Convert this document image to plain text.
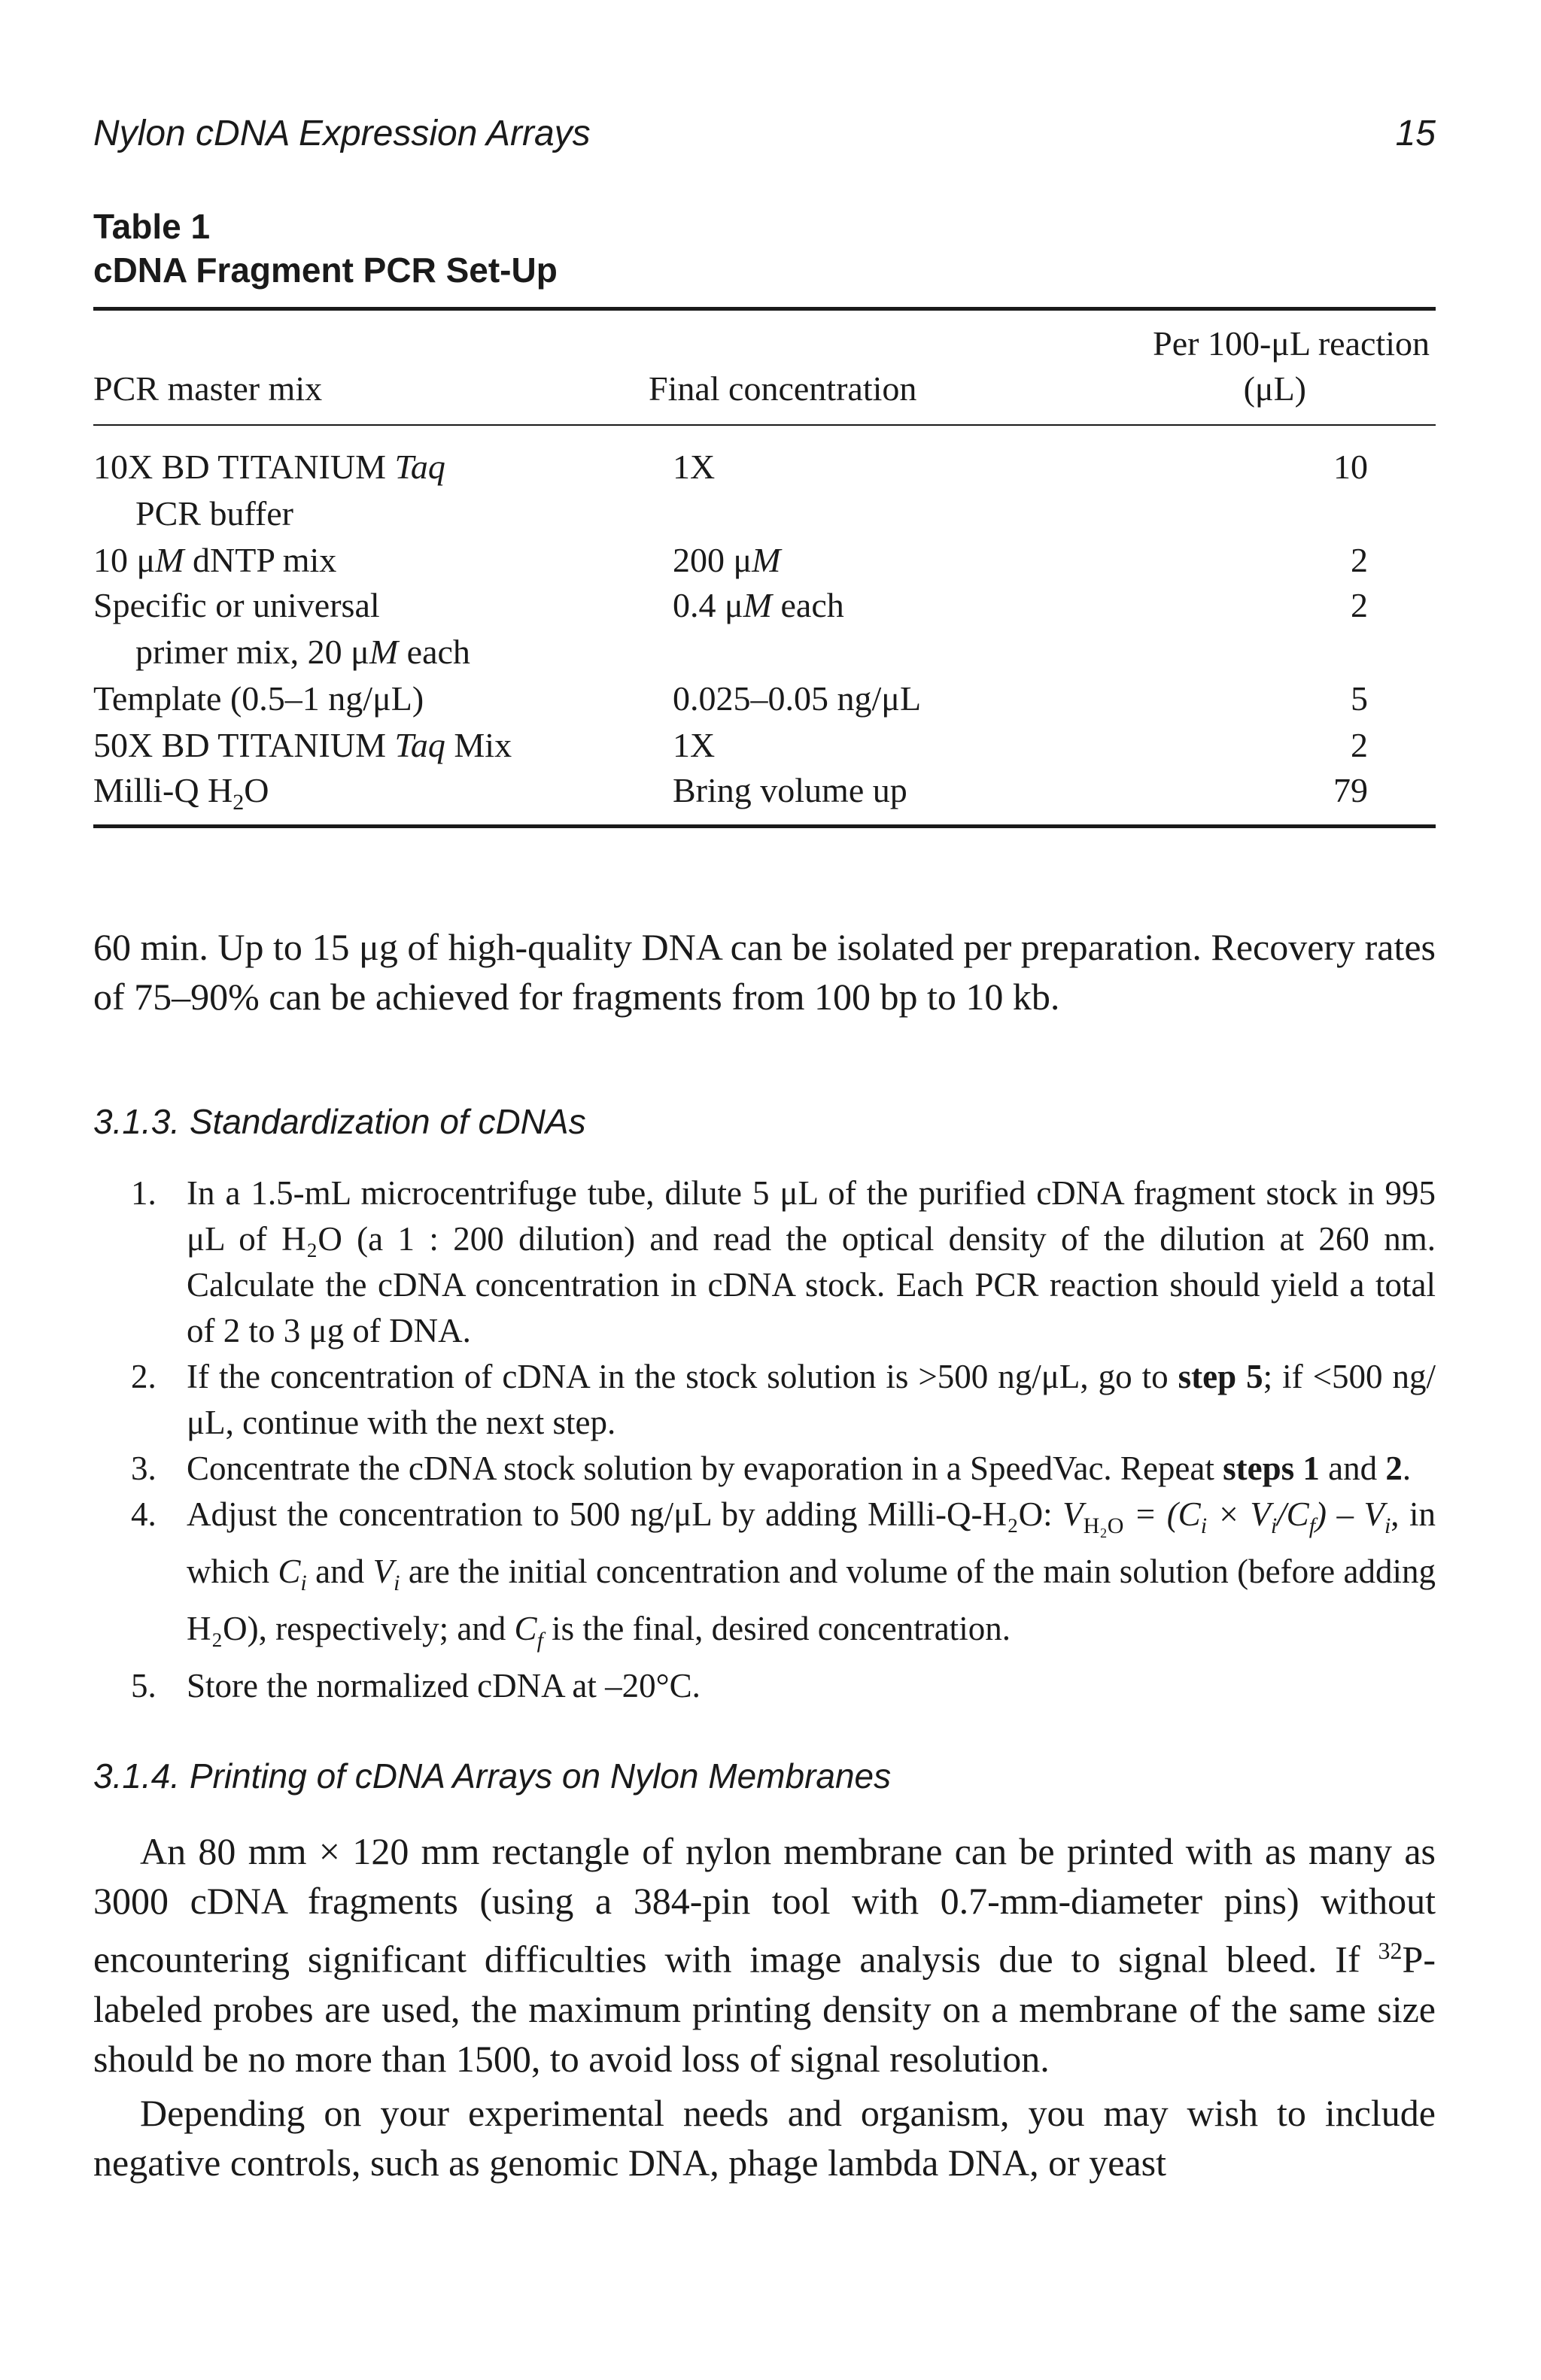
Nylon cDNA Expression Arrays	15
Table 1
cDNA Fragment PCR Set-Up
Per 100-μL reaction
PCR master mix	Final concentration	(μL)
10X BD TITANIUM Taq	1X	10
PCR buffer
10 μM dNTP mix	200 μM	2
Specific or universal	0.4 μM each	2
primer mix, 20 μM each
Template (0.5–1 ng/μL)	0.025–0.05 ng/μL	5
50X BD TITANIUM Taq Mix	1X	2
Milli-Q $H_2O$	Bring volume up	79
60 min. Up to 15 μg of high-quality DNA can be isolated per preparation. Recovery rates of 75–90% can be achieved for fragments from 100 bp to 10 kb.
3.1.3. Standardization of cDNAs
1. In a 1.5-mL microcentrifuge tube, dilute 5 μL of the purified cDNA fragment stock in 995 μL of H₂O (a 1 : 200 dilution) and read the optical density of the dilution at 260 nm. Calculate the cDNA concentration in cDNA stock. Each PCR reaction should yield a total of 2 to 3 μg of DNA.
2. If the concentration of cDNA in the stock solution is >500 ng/μL, go to step 5; if <500 ng/μL, continue with the next step.
3. Concentrate the cDNA stock solution by evaporation in a SpeedVac. Repeat steps 1 and 2.
4. Adjust the concentration to 500 ng/μL by adding Milli-Q-H₂O: $V_{H_2O} = (C_i \times V_i/C_f) - V_i$, in which $C_i$ and $V_i$ are the initial concentration and volume of the main solution (before adding H₂O), respectively; and $C_f$ is the final, desired concentration.
5. Store the normalized cDNA at –20°C.
3.1.4. Printing of cDNA Arrays on Nylon Membranes

An 80 mm × 120 mm rectangle of nylon membrane can be printed with as many as 3000 cDNA fragments (using a 384-pin tool with 0.7-mm-diameter pins) without encountering significant difficulties with image analysis due to signal bleed. If $^{32}$P-labeled probes are used, the maximum printing density on a membrane of the same size should be no more than 1500, to avoid loss of signal resolution.

Depending on your experimental needs and organism, you may wish to include negative controls, such as genomic DNA, phage lambda DNA, or yeast
